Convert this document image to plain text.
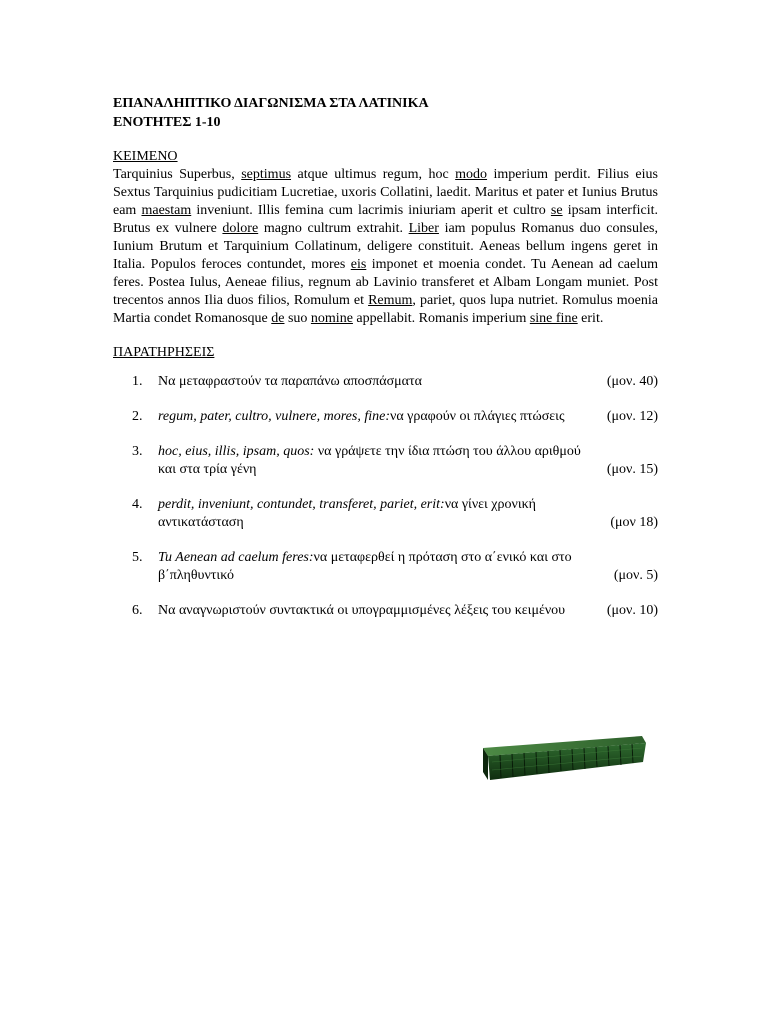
ΕΠΑΝΑΛΗΠΤΙΚΟ ΔΙΑΓΩΝΙΣΜΑ ΣΤΑ ΛΑΤΙΝΙΚΑ

ΕΝΟΤΗΤΕΣ 1-10

ΚΕΙΜΕΝΟ

Tarquinius Superbus, septimus atque ultimus regum, hoc modo imperium perdit. Filius eius Sextus Tarquinius pudicitiam Lucretiae, uxoris Collatini, laedit. Maritus et pater et Iunius Brutus eam maestam inveniunt. Illis femina cum lacrimis iniuriam aperit et cultro se ipsam interficit. Brutus ex vulnere dolore magno cultrum extrahit. Liber iam populus Romanus duo consules, Iunium Brutum et Tarquinium Collatinum, deligere constituit. Aeneas bellum ingens geret in Italia. Populos feroces contundet, mores eis imponet et moenia condet. Tu Aenean ad caelum feres. Postea Iulus, Aeneae filius, regnum ab Lavinio transferet et Albam Longam muniet. Post trecentos annos Ilia duos filios, Romulum et Remum, pariet, quos lupa nutriet. Romulus moenia Martia condet Romanosque de suo nomine appellabit. Romanis imperium sine fine erit.

ΠΑΡΑΤΗΡΗΣΕΙΣ

1. Να μεταφραστούν τα παραπάνω αποσπάσματα	(μον. 40)
2. regum, pater, cultro, vulnere, mores, fine:να γραφούν οι πλάγιες πτώσεις	(μον. 12)
3. hoc, eius, illis, ipsam, quos: να γράψετε την ίδια πτώση του άλλου αριθμού και στα τρία γένη	(μον. 15)
4. perdit, inveniunt, contundet, transferet, pariet, erit:να γίνει χρονική αντικατάσταση	(μον 18)
5. Tu Aenean ad caelum feres:να μεταφερθεί η πρόταση στο α΄ενικό και στο β΄πληθυντικό	(μον. 5)
6. Να αναγνωριστούν συντακτικά οι υπογραμμισμένες λέξεις του κειμένου	(μον. 10)
